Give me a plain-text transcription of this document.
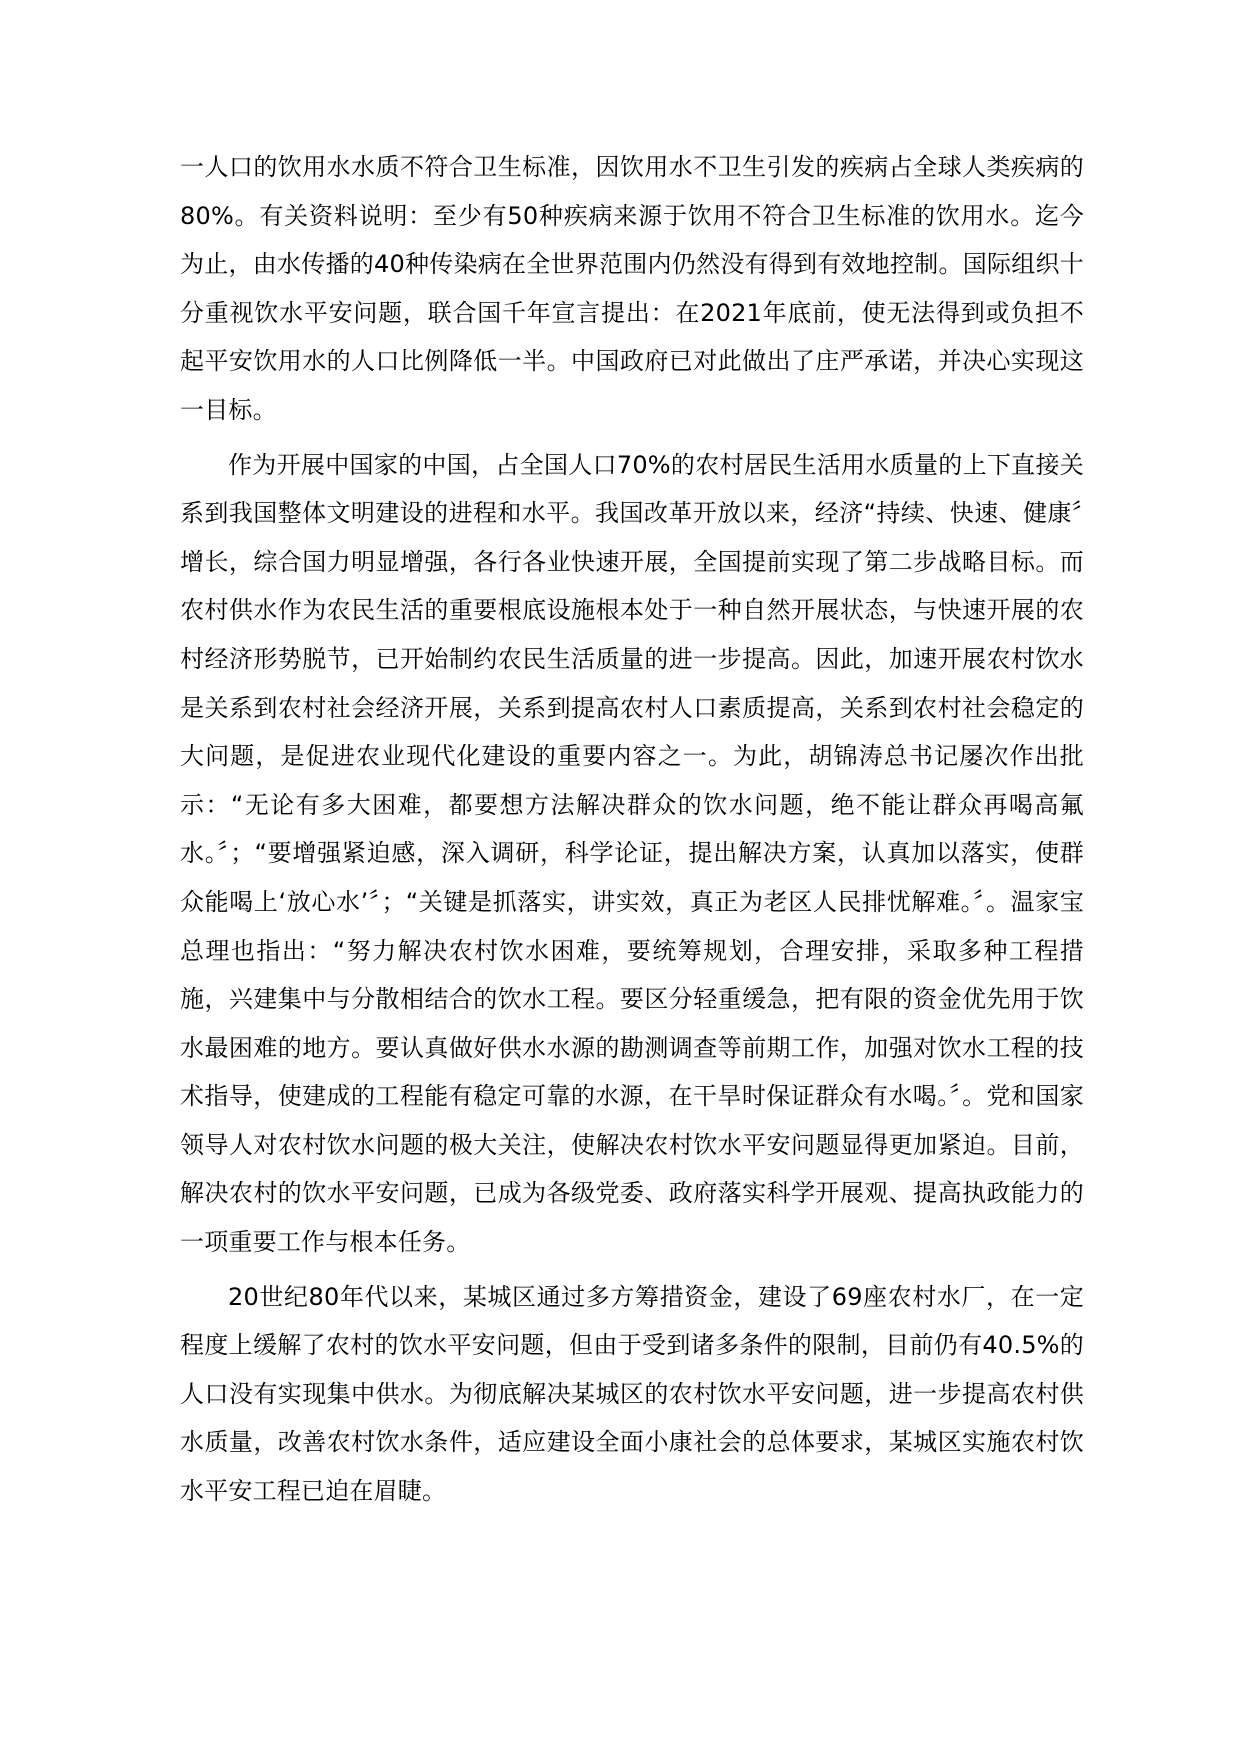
一人口的饮用水水质不符合卫生标准，因饮用水不卫生引发的疾病占全球人类疾病的80%。有关资料说明：至少有50种疾病来源于饮用不符合卫生标准的饮用水。迄今为止，由水传播的40种传染病在全世界范围内仍然没有得到有效地控制。国际组织十分重视饮水平安问题，联合国千年宣言提出：在2021年底前，使无法得到或负担不起平安饮用水的人口比例降低一半。中国政府已对此做出了庄严承诺，并决心实现这一目标。

作为开展中国家的中国，占全国人口70%的农村居民生活用水质量的上下直接关系到我国整体文明建设的进程和水平。我国改革开放以来，经济“持续、快速、健康〞增长，综合国力明显增强，各行各业快速开展，全国提前实现了第二步战略目标。而农村供水作为农民生活的重要根底设施根本处于一种自然开展状态，与快速开展的农村经济形势脱节，已开始制约农民生活质量的进一步提高。因此，加速开展农村饮水是关系到农村社会经济开展，关系到提高农村人口素质提高，关系到农村社会稳定的大问题，是促进农业现代化建设的重要内容之一。为此，胡锦涛总书记屡次作出批示：“无论有多大困难，都要想方法解决群众的饮水问题，绝不能让群众再喝高氟水。〞；“要增强紧迫感，深入调研，科学论证，提出解决方案，认真加以落实，使群众能喝上‘放心水’〞；“关键是抓落实，讲实效，真正为老区人民排忧解难。〞。温家宝总理也指出：“努力解决农村饮水困难，要统筹规划，合理安排，采取多种工程措施，兴建集中与分散相结合的饮水工程。要区分轻重缓急，把有限的资金优先用于饮水最困难的地方。要认真做好供水水源的勘测调查等前期工作，加强对饮水工程的技术指导，使建成的工程能有稳定可靠的水源，在干旱时保证群众有水喝。〞。党和国家领导人对农村饮水问题的极大关注，使解决农村饮水平安问题显得更加紧迫。目前，解决农村的饮水平安问题，已成为各级党委、政府落实科学开展观、提高执政能力的一项重要工作与根本任务。

20世纪80年代以来，某城区通过多方筹措资金，建设了69座农村水厂，在一定程度上缓解了农村的饮水平安问题，但由于受到诸多条件的限制，目前仍有40.5%的人口没有实现集中供水。为彻底解决某城区的农村饮水平安问题，进一步提高农村供水质量，改善农村饮水条件，适应建设全面小康社会的总体要求，某城区实施农村饮水平安工程已迫在眉睫。
